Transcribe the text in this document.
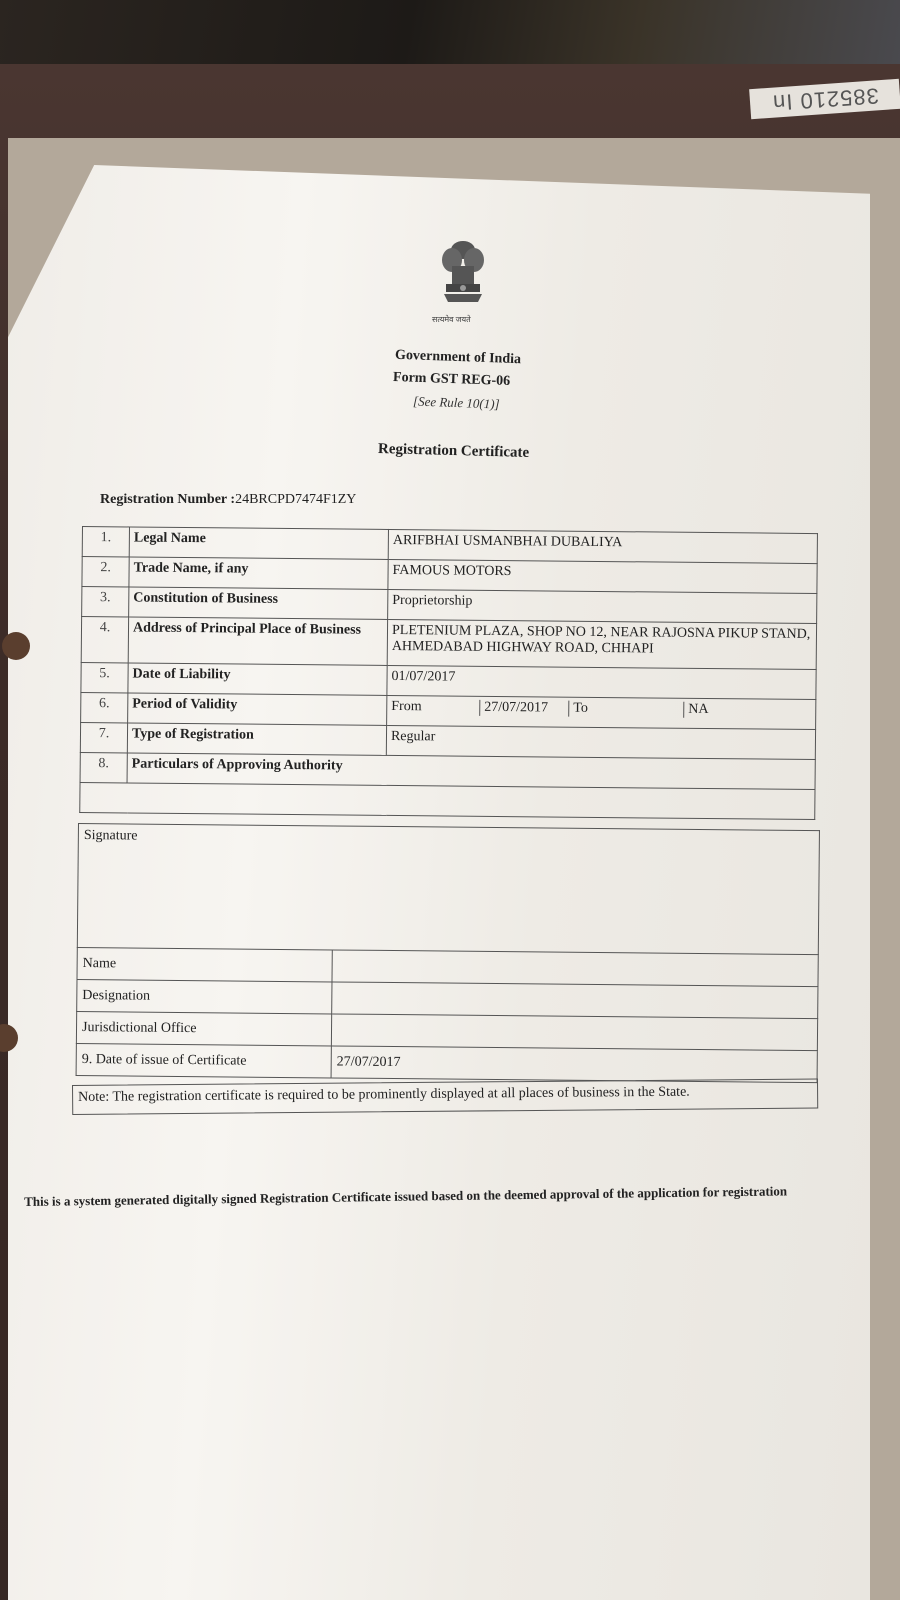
385210 In
सत्यमेव जयते
Government of India
Form GST REG-06
[See Rule 10(1)]
Registration Certificate
Registration Number :24BRCPD7474F1ZY
1.	Legal Name	ARIFBHAI USMANBHAI DUBALIYA
2.	Trade Name, if any	FAMOUS MOTORS
3.	Constitution of Business	Proprietorship
4.	Address of Principal Place of Business	PLETENIUM PLAZA, SHOP NO 12, NEAR RAJOSNA PIKUP STAND, AHMEDABAD HIGHWAY ROAD, CHHAPI
5.	Date of Liability	01/07/2017
6.	Period of Validity	From 27/07/2017 To NA

7.	Type of Registration	Regular
8.	Particulars of Approving Authority	

Signature	
Name	
Designation	
Jurisdictional Office	
9. Date of issue of Certificate	27/07/2017
Note: The registration certificate is required to be prominently displayed at all places of business in the State.
This is a system generated digitally signed Registration Certificate issued based on the deemed approval of the application for registration
